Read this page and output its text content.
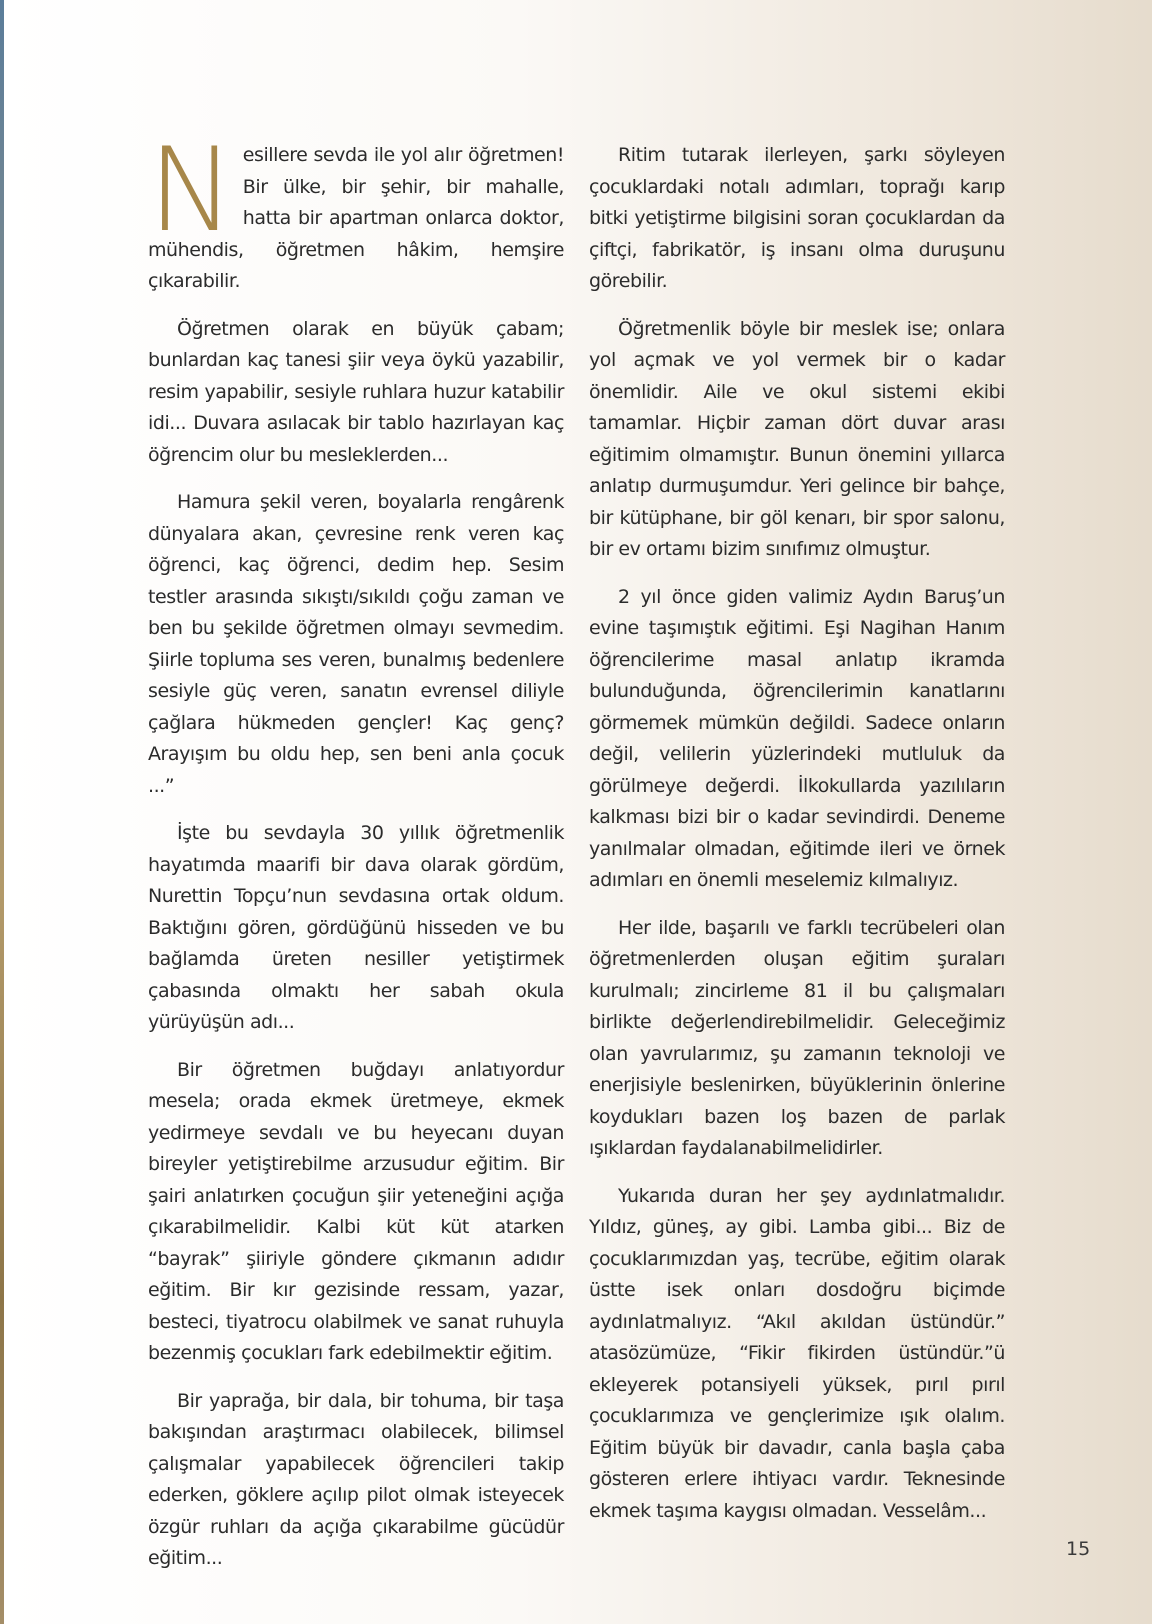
Nesillere sevda ile yol alır öğretmen! Bir ülke, bir şehir, bir mahalle, hatta bir apartman onlarca doktor, mühendis, öğretmen hâkim, hemşire çıkarabilir.

Öğretmen olarak en büyük çabam; bunlardan kaç tanesi şiir veya öykü yazabilir, resim yapabilir, sesiyle ruhlara huzur katabilir idi... Duvara asılacak bir tablo hazırlayan kaç öğrencim olur bu mesleklerden...

Hamura şekil veren, boyalarla rengârenk dünyalara akan, çevresine renk veren kaç öğrenci, kaç öğrenci, dedim hep. Sesim testler arasında sıkıştı/sıkıldı çoğu zaman ve ben bu şekilde öğretmen olmayı sevmedim. Şiirle topluma ses veren, bunalmış bedenlere sesiyle güç veren, sanatın evrensel diliyle çağlara hükmeden gençler! Kaç genç? Arayışım bu oldu hep, sen beni anla çocuk ...”

İşte bu sevdayla 30 yıllık öğretmenlik hayatımda maarifi bir dava olarak gördüm, Nurettin Topçu’nun sevdasına ortak oldum. Baktığını gören, gördüğünü hisseden ve bu bağlamda üreten nesiller yetiştirmek çabasında olmaktı her sabah okula yürüyüşün adı...

Bir öğretmen buğdayı anlatıyordur mesela; orada ekmek üretmeye, ekmek yedirmeye sevdalı ve bu heyecanı duyan bireyler yetiştirebilme arzusudur eğitim. Bir şairi anlatırken çocuğun şiir yeteneğini açığa çıkarabilmelidir. Kalbi küt küt atarken “bayrak” şiiriyle göndere çıkmanın adıdır eğitim. Bir kır gezisinde ressam, yazar, besteci, tiyatrocu olabilmek ve sanat ruhuyla bezenmiş çocukları fark edebilmektir eğitim.

Bir yaprağa, bir dala, bir tohuma, bir taşa bakışından araştırmacı olabilecek, bilimsel çalışmalar yapabilecek öğrencileri takip ederken, göklere açılıp pilot olmak isteyecek özgür ruhları da açığa çıkarabilme gücüdür eğitim...

Ritim tutarak ilerleyen, şarkı söyleyen çocuklardaki notalı adımları, toprağı karıp bitki yetiştirme bilgisini soran çocuklardan da çiftçi, fabrikatör, iş insanı olma duruşunu görebilir.

Öğretmenlik böyle bir meslek ise; onlara yol açmak ve yol vermek bir o kadar önemlidir. Aile ve okul sistemi ekibi tamamlar. Hiçbir zaman dört duvar arası eğitimim olmamıştır. Bunun önemini yıllarca anlatıp durmuşumdur. Yeri gelince bir bahçe, bir kütüphane, bir göl kenarı, bir spor salonu, bir ev ortamı bizim sınıfımız olmuştur.

2 yıl önce giden valimiz Aydın Baruş’un evine taşımıştık eğitimi. Eşi Nagihan Hanım öğrencilerime masal anlatıp ikramda bulunduğunda, öğrencilerimin kanatlarını görmemek mümkün değildi. Sadece onların değil, velilerin yüzlerindeki mutluluk da görülmeye değerdi. İlkokullarda yazılıların kalkması bizi bir o kadar sevindirdi. Deneme yanılmalar olmadan, eğitimde ileri ve örnek adımları en önemli meselemiz kılmalıyız.

Her ilde, başarılı ve farklı tecrübeleri olan öğretmenlerden oluşan eğitim şuraları kurulmalı; zincirleme 81 il bu çalışmaları birlikte değerlendirebilmelidir. Geleceğimiz olan yavrularımız, şu zamanın teknoloji ve enerjisiyle beslenirken, büyüklerinin önlerine koydukları bazen loş bazen de parlak ışıklardan faydalanabilmelidirler.

Yukarıda duran her şey aydınlatmalıdır. Yıldız, güneş, ay gibi. Lamba gibi... Biz de çocuklarımızdan yaş, tecrübe, eğitim olarak üstte isek onları dosdoğru biçimde aydınlatmalıyız. “Akıl akıldan üstündür.” atasözümüze, “Fikir fikirden üstündür.”ü ekleyerek potansiyeli yüksek, pırıl pırıl çocuklarımıza ve gençlerimize ışık olalım. Eğitim büyük bir davadır, canla başla çaba gösteren erlere ihtiyacı vardır. Teknesinde ekmek taşıma kaygısı olmadan. Vesselâm...

15
